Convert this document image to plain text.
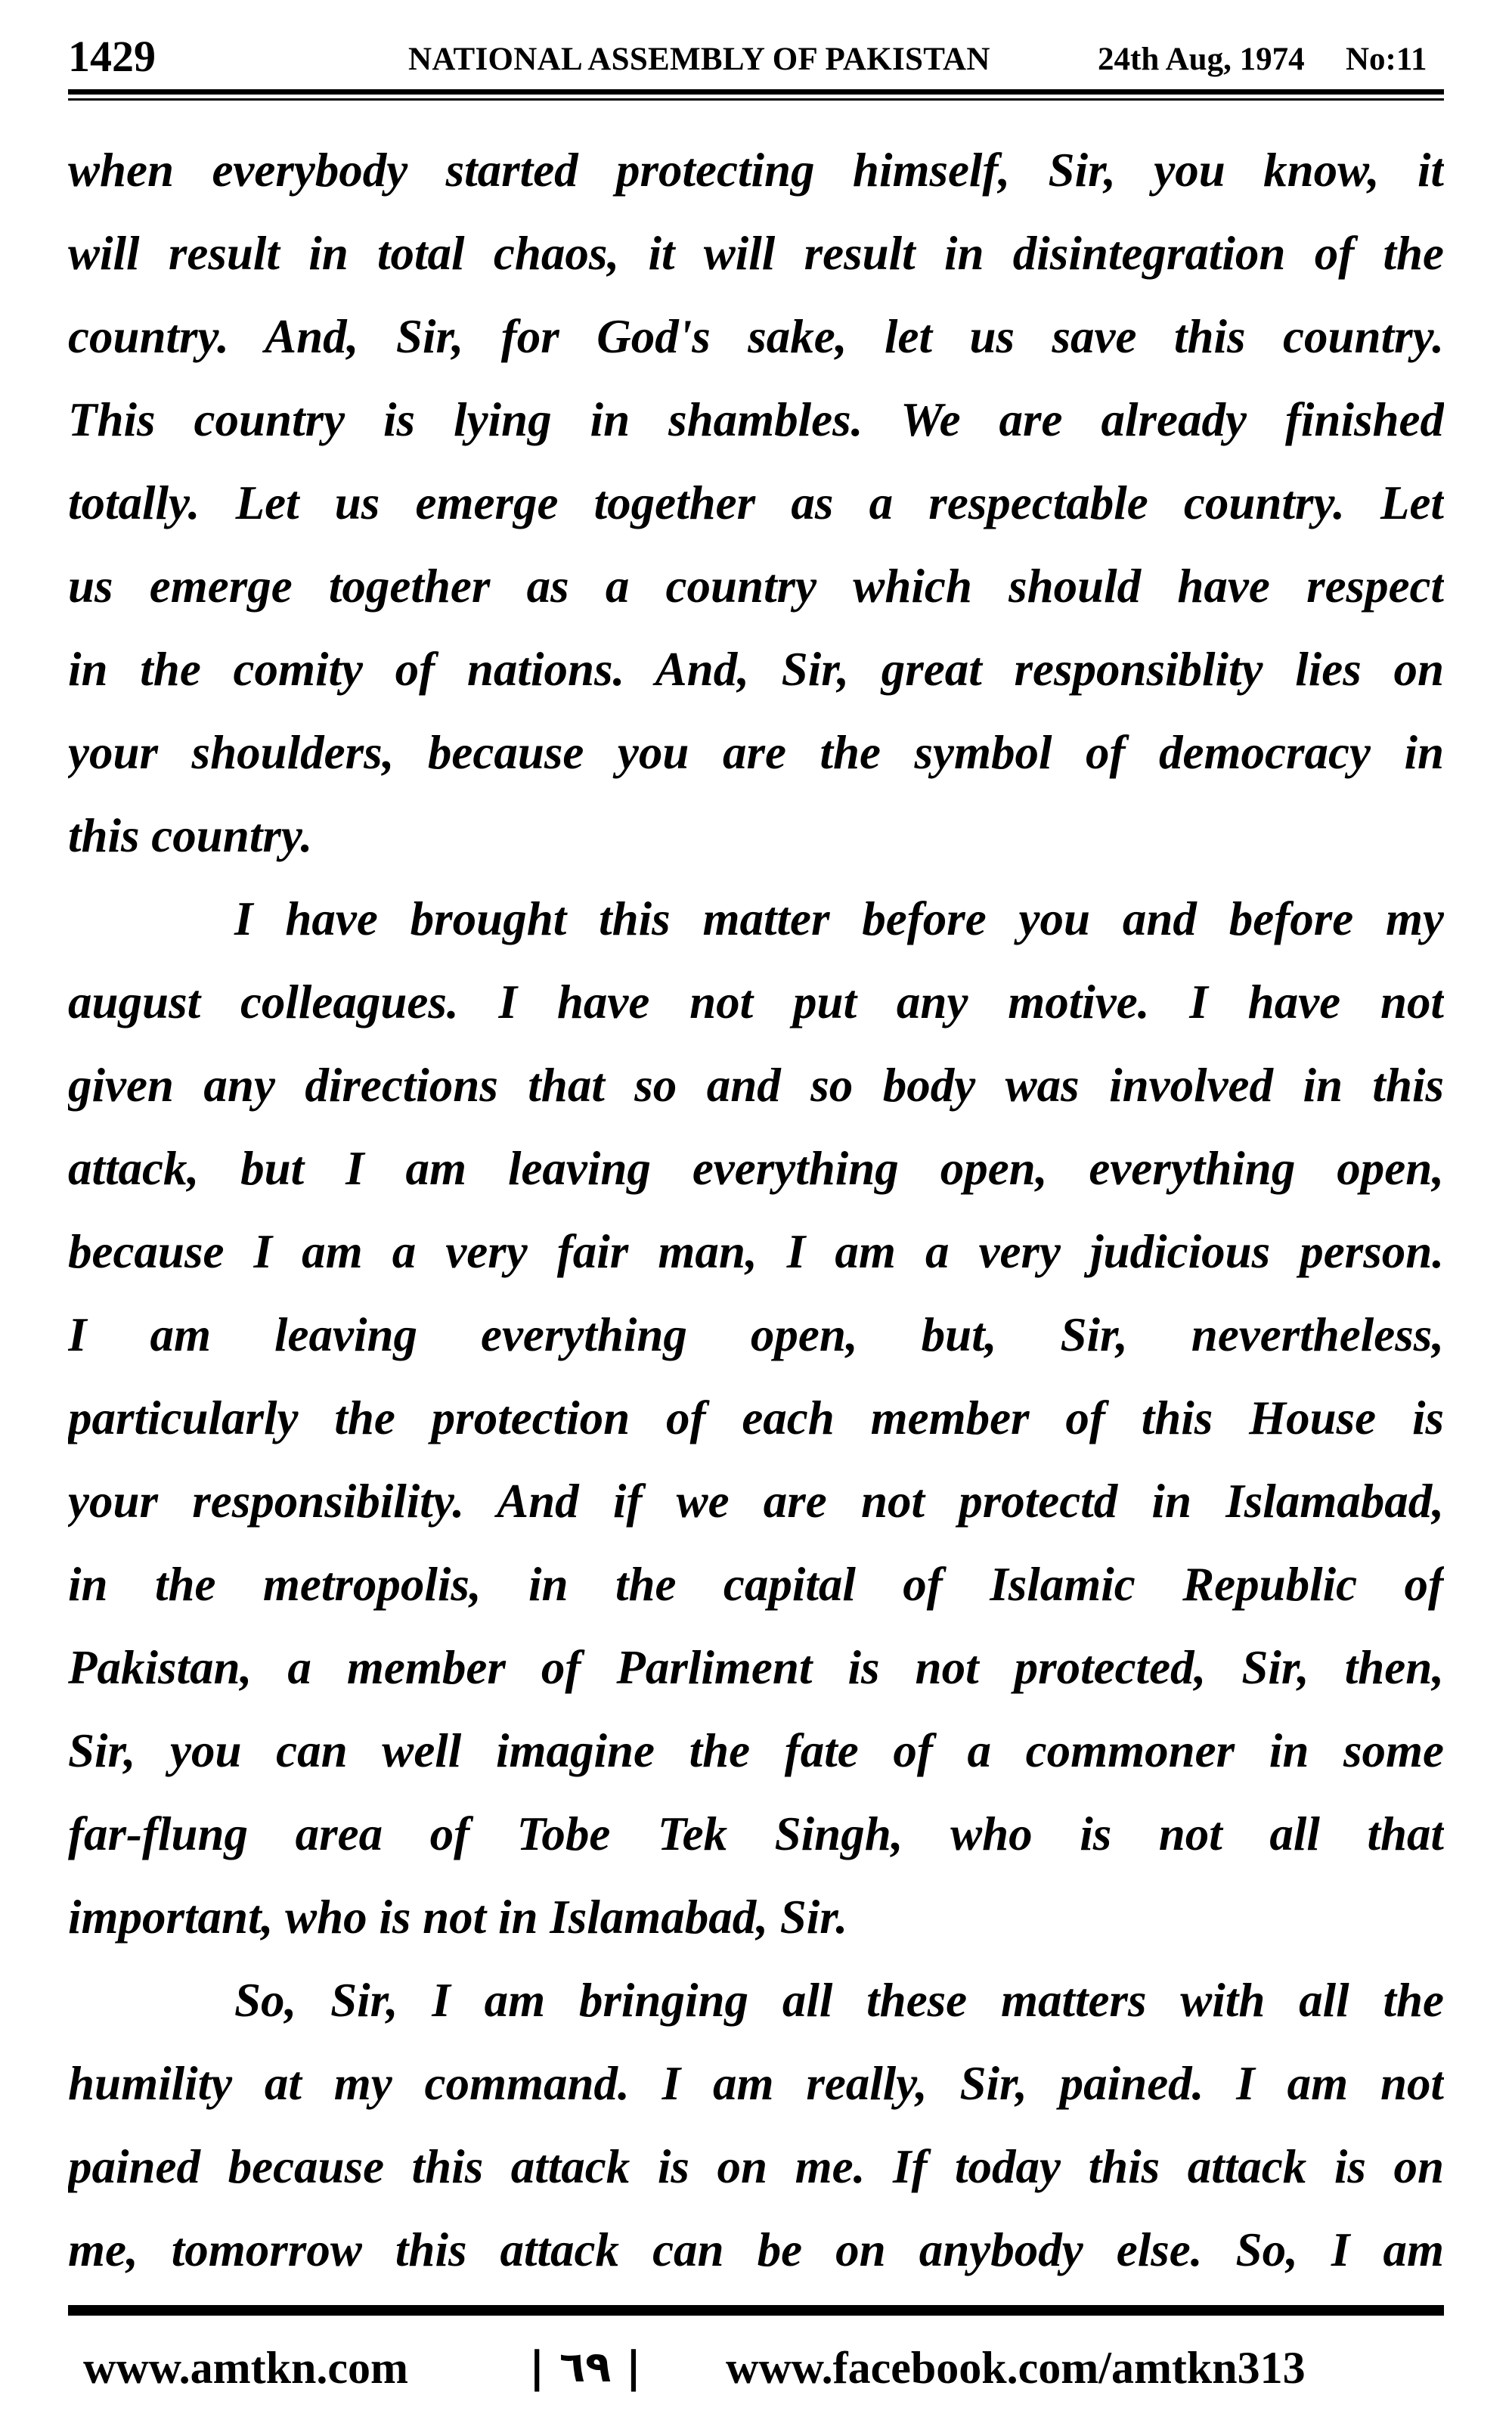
1429	NATIONAL ASSEMBLY OF PAKISTAN	24th Aug, 1974 No:11
when everybody started protecting himself, Sir, you know, it
will result in total chaos, it will result in disintegration of the
country. And, Sir, for God's sake, let us save this country.
This country is lying in shambles. We are already finished
totally. Let us emerge together as a respectable country. Let
us emerge together as a country which should have respect
in the comity of nations. And, Sir, great responsiblity lies on
your shoulders, because you are the symbol of democracy in
this country.
I have brought this matter before you and before my
august colleagues. I have not put any motive. I have not
given any directions that so and so body was involved in this
attack, but I am leaving everything open, everything open,
because I am a very fair man, I am a very judicious person.
I am leaving everything open, but, Sir, nevertheless,
particularly the protection of each member of this House is
your responsibility. And if we are not protectd in Islamabad,
in the metropolis, in the capital of Islamic Republic of
Pakistan, a member of Parliment is not protected, Sir, then,
Sir, you can well imagine the fate of a commoner in some
far-flung area of Tobe Tek Singh, who is not all that
important, who is not in Islamabad, Sir.
So, Sir, I am bringing all these matters with all the
humility at my command. I am really, Sir, pained. I am not
pained because this attack is on me. If today this attack is on
me, tomorrow this attack can be on anybody else. So, I am
www.amtkn.com	| ٦٩ | www.facebook.com/amtkn313
